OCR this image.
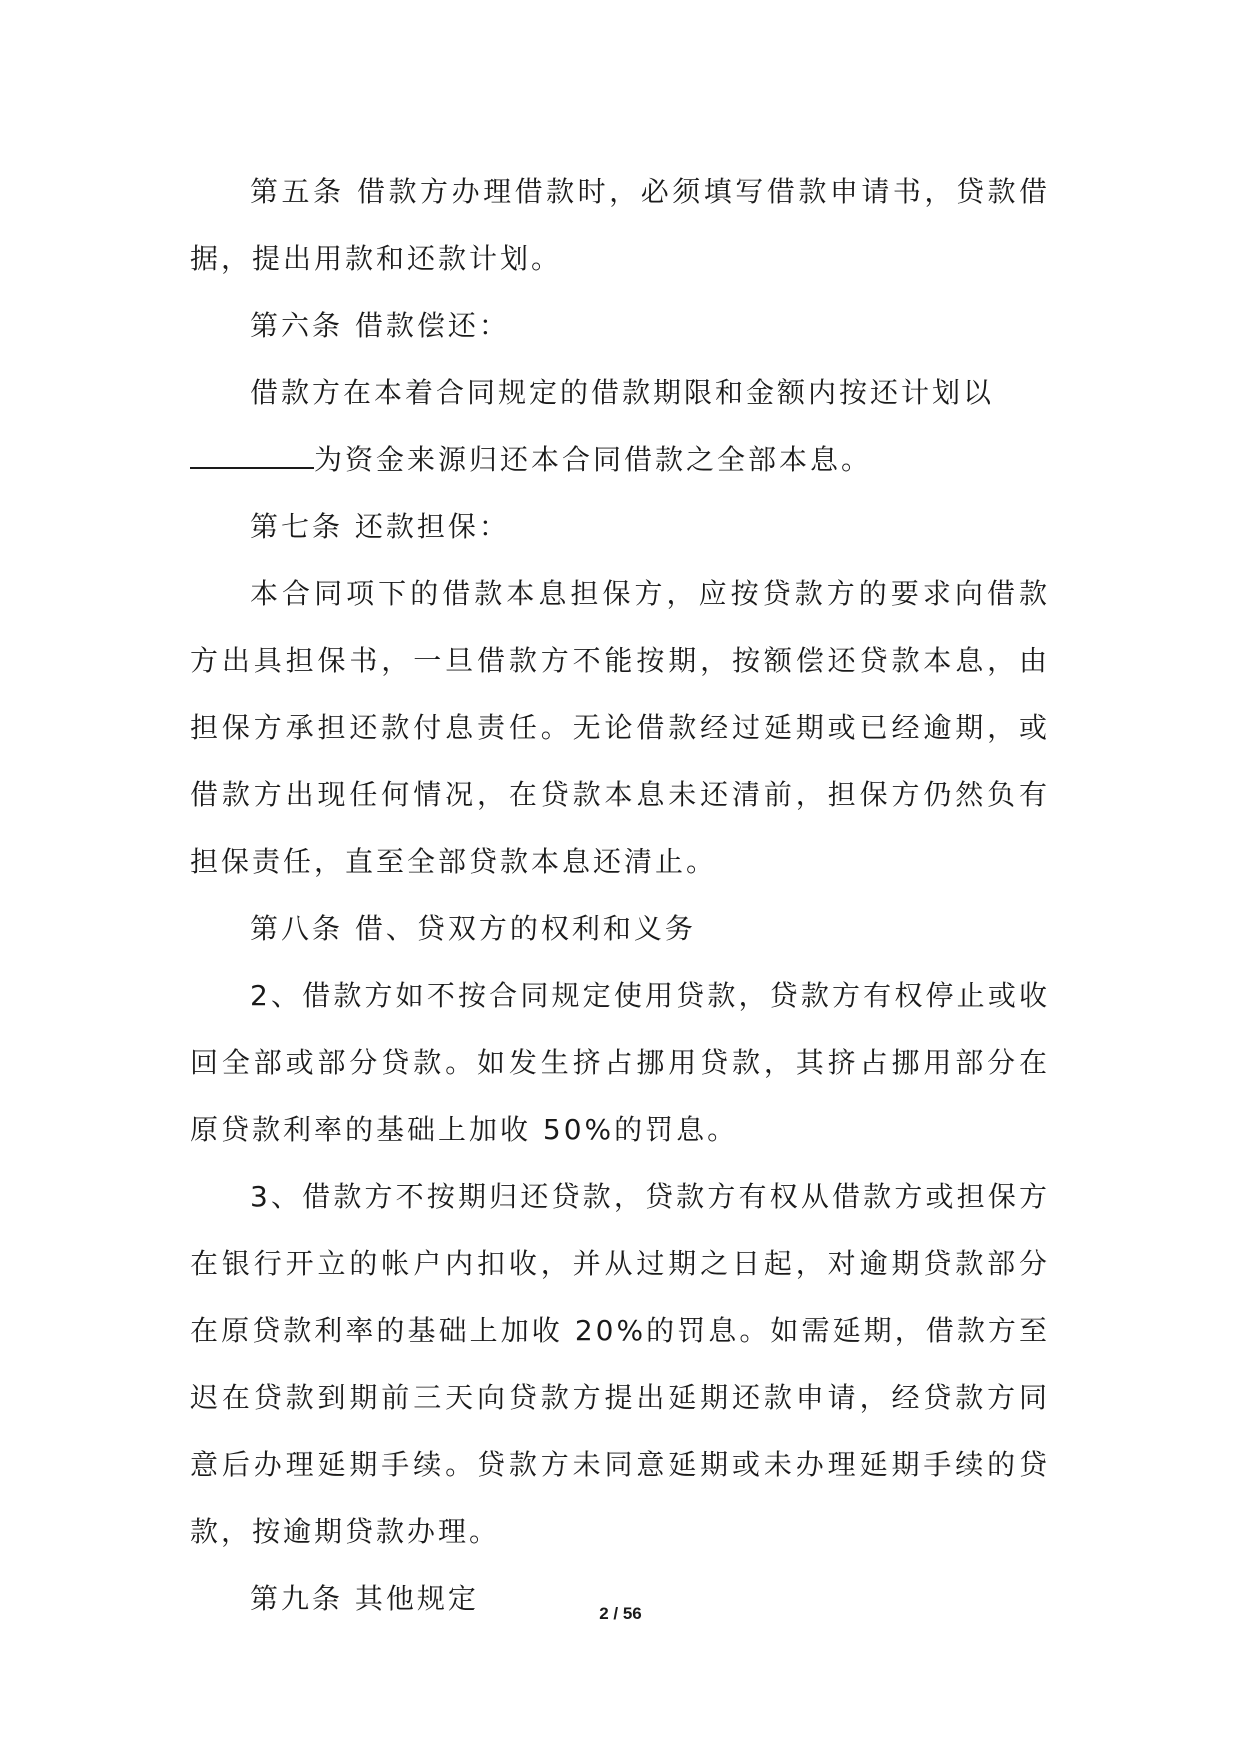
第五条 借款方办理借款时，必须填写借款申请书，贷款借据，提出用款和还款计划。

第六条 借款偿还：

借款方在本着合同规定的借款期限和金额内按还计划以

为资金来源归还本合同借款之全部本息。

第七条 还款担保：

本合同项下的借款本息担保方，应按贷款方的要求向借款方出具担保书，一旦借款方不能按期，按额偿还贷款本息，由担保方承担还款付息责任。无论借款经过延期或已经逾期，或借款方出现任何情况，在贷款本息未还清前，担保方仍然负有担保责任，直至全部贷款本息还清止。

第八条 借、贷双方的权利和义务

2、借款方如不按合同规定使用贷款，贷款方有权停止或收回全部或部分贷款。如发生挤占挪用贷款，其挤占挪用部分在原贷款利率的基础上加收 50%的罚息。

3、借款方不按期归还贷款，贷款方有权从借款方或担保方在银行开立的帐户内扣收，并从过期之日起，对逾期贷款部分在原贷款利率的基础上加收 20%的罚息。如需延期，借款方至迟在贷款到期前三天向贷款方提出延期还款申请，经贷款方同意后办理延期手续。贷款方未同意延期或未办理延期手续的贷款，按逾期贷款办理。

第九条 其他规定	2 / 56
